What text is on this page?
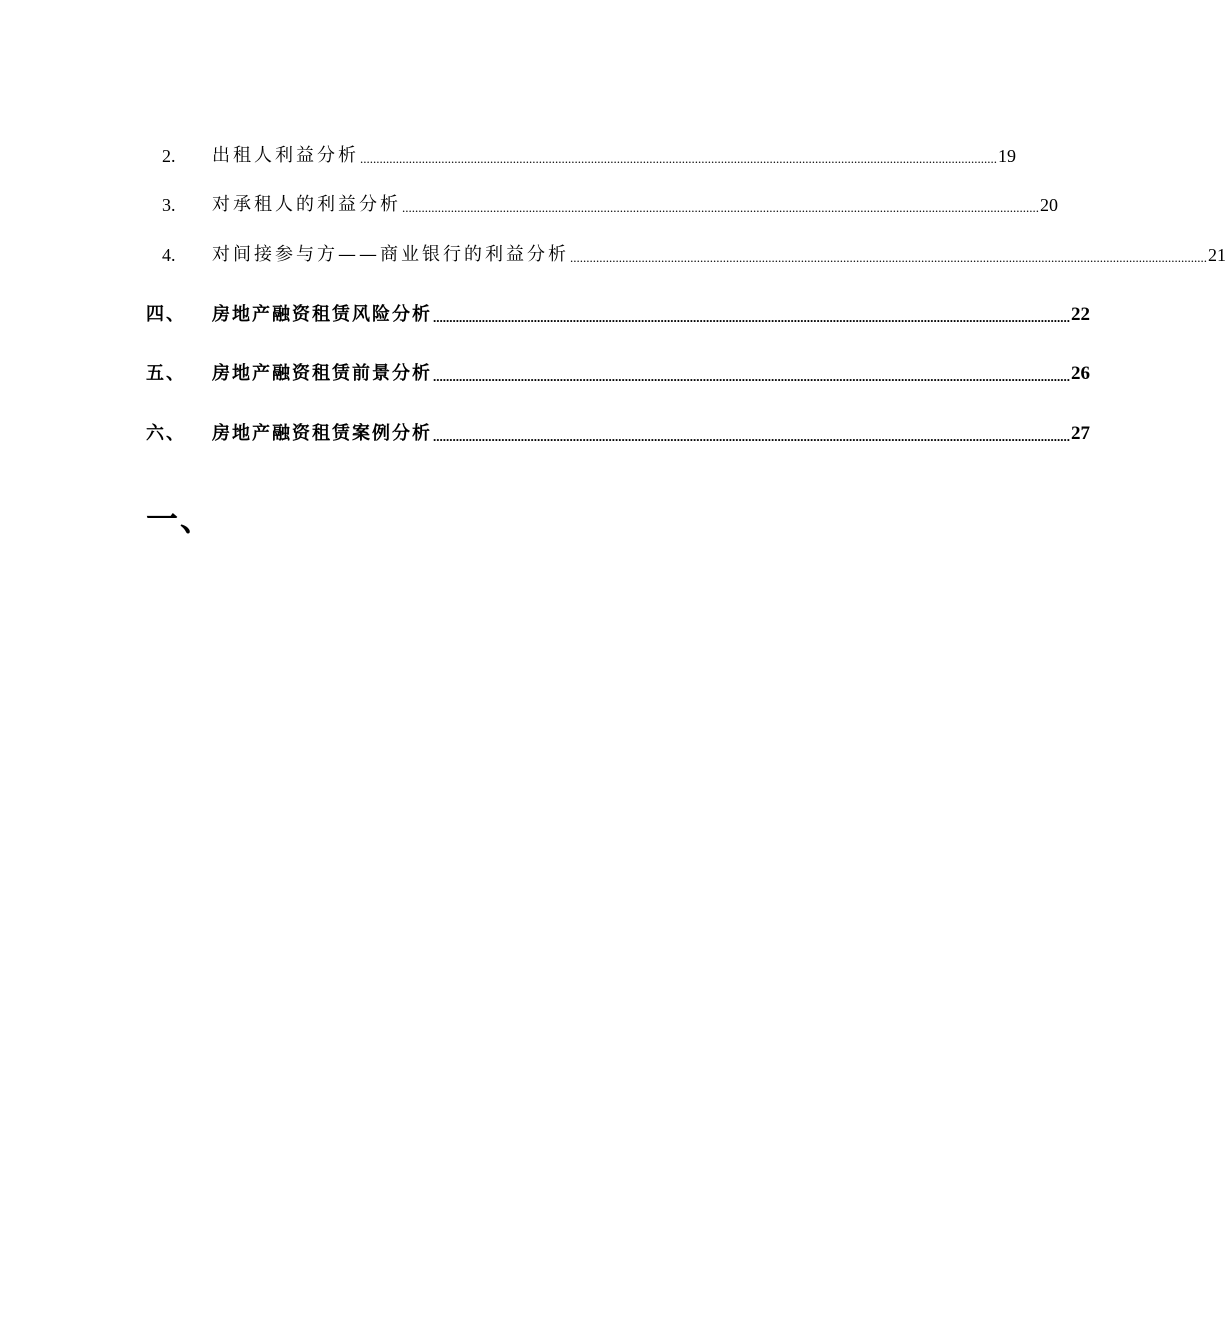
2.	出租人利益分析 .................................................................................................................................................................................................... 19
3.	对承租人的利益分析 .................................................................................................................................................................................................... 20
4.	对间接参与方——商业银行的利益分析 .................................................................................................................................................................................................... 21
四、	房地产融资租赁风险分析 .................................................................................................................................................................................................... 22
五、	房地产融资租赁前景分析 .................................................................................................................................................................................................... 26
六、	房地产融资租赁案例分析 .................................................................................................................................................................................................... 27
一、
